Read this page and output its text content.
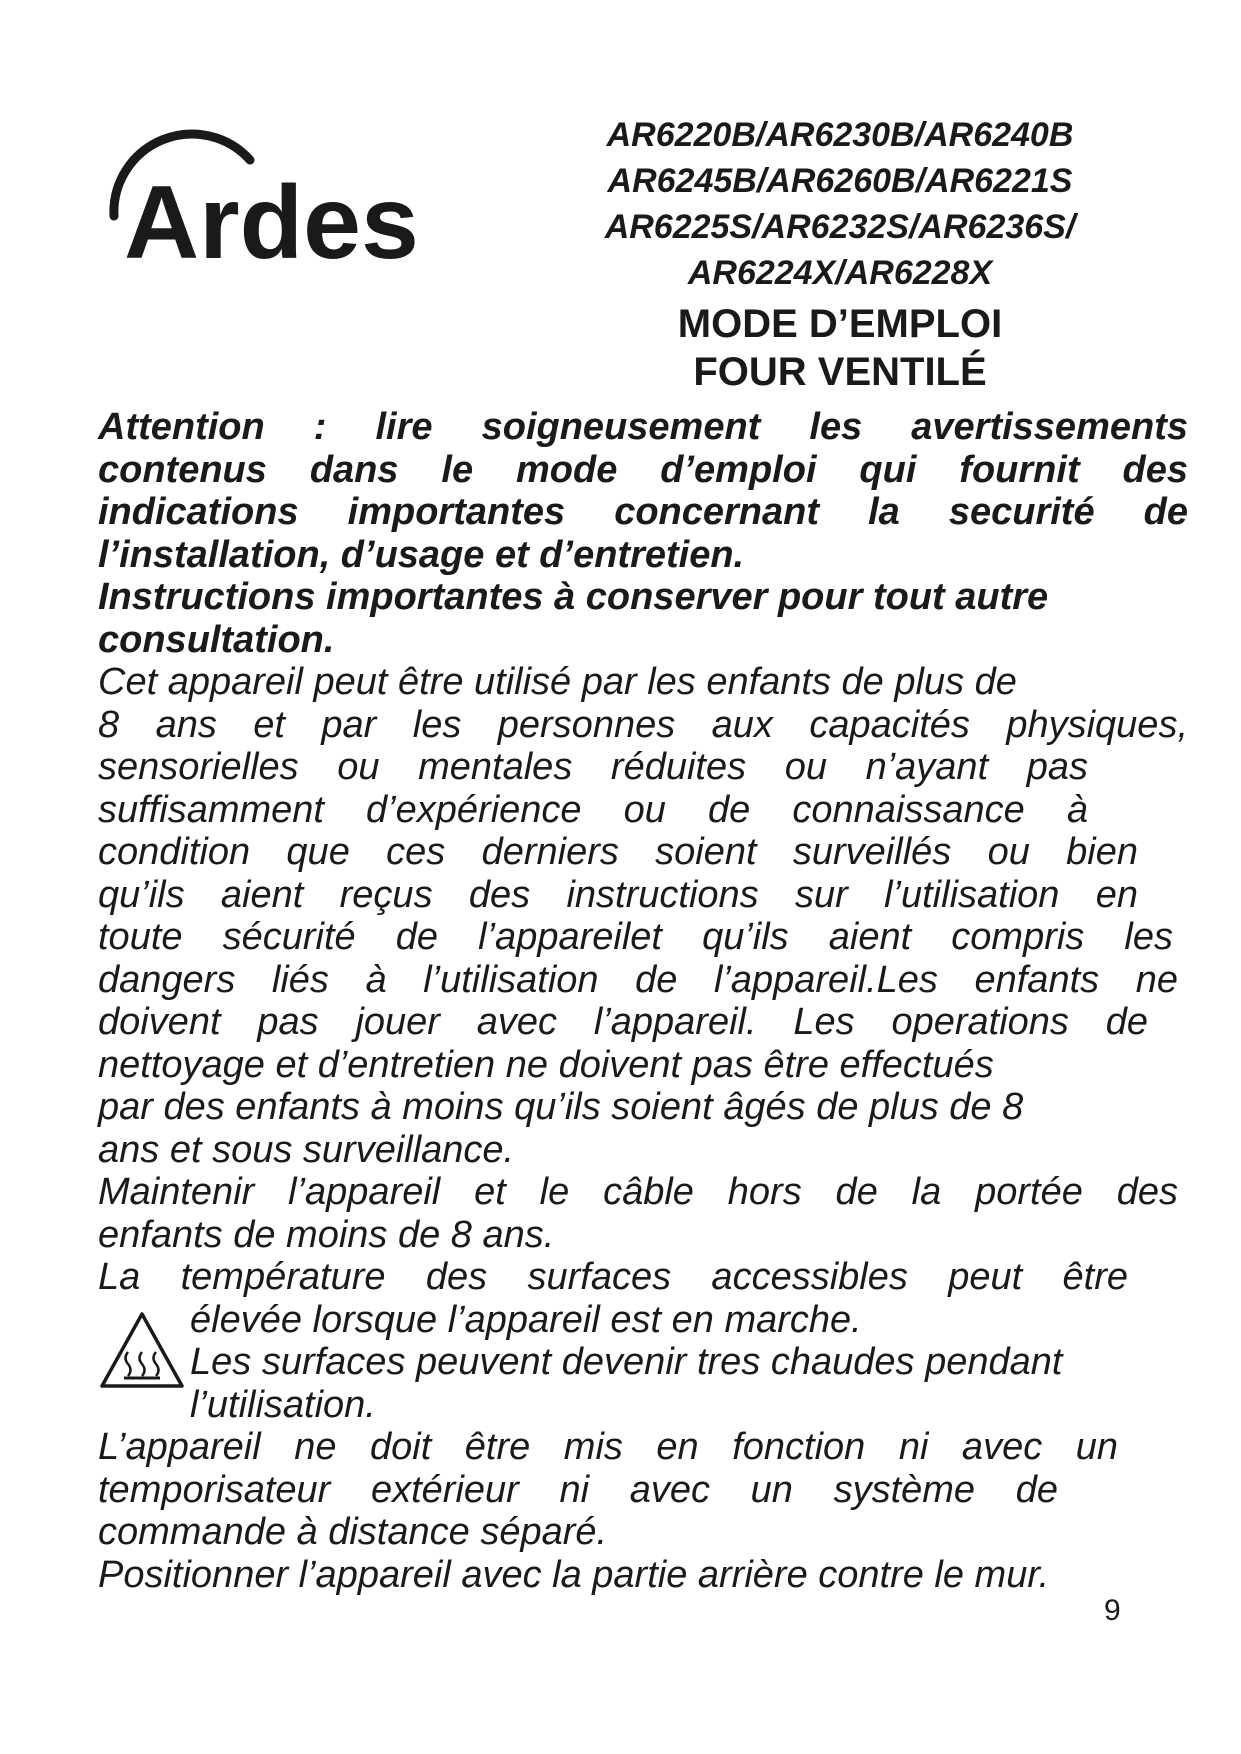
Ardes
AR6220B/AR6230B/AR6240B
AR6245B/AR6260B/AR6221S
AR6225S/AR6232S/AR6236S/
AR6224X/AR6228X
MODE D’EMPLOI
FOUR VENTILÉ
Attention : lire soigneusement les avertissements
contenus dans le mode d’emploi qui fournit des
indications importantes concernant la securité de
l’installation, d’usage et d’entretien.
Instructions importantes à conserver pour tout autre
consultation.
Cet appareil peut être utilisé par les enfants de plus de
8 ans et par les personnes aux capacités physiques,
sensorielles ou mentales réduites ou n’ayant pas
suffisamment d’expérience ou de connaissance à
condition que ces derniers soient surveillés ou bien
qu’ils aient reçus des instructions sur l’utilisation en
toute sécurité de l’appareilet qu’ils aient compris les
dangers liés à l’utilisation de l’appareil.Les enfants ne
doivent pas jouer avec l’appareil. Les operations de
nettoyage et d’entretien ne doivent pas être effectués
par des enfants à moins qu’ils soient âgés de plus de 8
ans et sous surveillance.
Maintenir l’appareil et le câble hors de la portée des
enfants de moins de 8 ans.
La température des surfaces accessibles peut être
élevée lorsque l’appareil est en marche.
Les surfaces peuvent devenir tres chaudes pendant
l’utilisation.
L’appareil ne doit être mis en fonction ni avec un
temporisateur extérieur ni avec un système de
commande à distance séparé.
Positionner l’appareil avec la partie arrière contre le mur.
9
